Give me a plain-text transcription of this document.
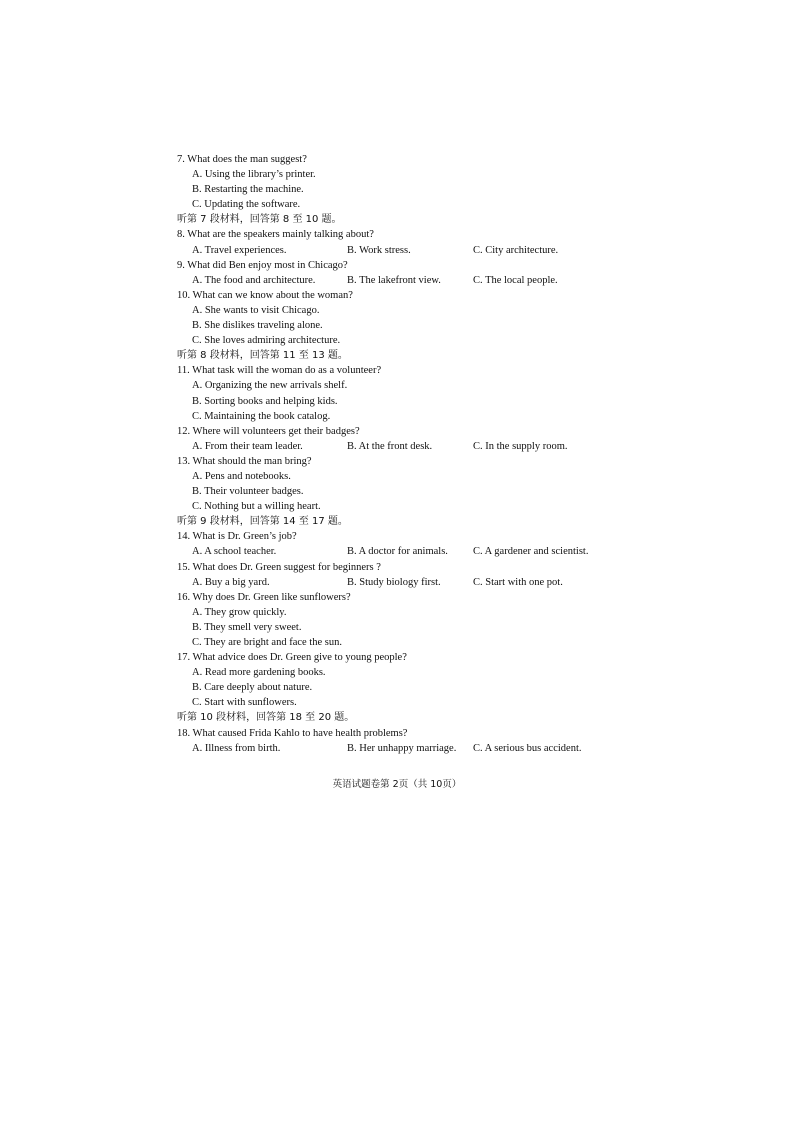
7. What does the man suggest?
A. Using the library’s printer.
B. Restarting the machine.
C. Updating the software.
听第 7 段材料，回答第 8 至 10 题。
8. What are the speakers mainly talking about?
A. Travel experiences.	B. Work stress.	C. City architecture.
9. What did Ben enjoy most in Chicago?
A. The food and architecture.	B. The lakefront view.	C. The local people.
10. What can we know about the woman?
A. She wants to visit Chicago.
B. She dislikes traveling alone.
C. She loves admiring architecture.
听第 8 段材料，回答第 11 至 13 题。
11. What task will the woman do as a volunteer?
A. Organizing the new arrivals shelf.
B. Sorting books and helping kids.
C. Maintaining the book catalog.
12. Where will volunteers get their badges?
A. From their team leader.	B. At the front desk.	C. In the supply room.
13. What should the man bring?
A. Pens and notebooks.
B. Their volunteer badges.
C. Nothing but a willing heart.
听第 9 段材料，回答第 14 至 17 题。
14. What is Dr. Green’s job?
A. A school teacher.	B. A doctor for animals. C. A gardener and scientist.
15. What does Dr. Green suggest for beginners ?
A. Buy a big yard.	B. Study biology first.	C. Start with one pot.
16. Why does Dr. Green like sunflowers?
A. They grow quickly.
B. They smell very sweet.
C. They are bright and face the sun.
17. What advice does Dr. Green give to young people?
A. Read more gardening books.
B. Care deeply about nature.
C. Start with sunflowers.
听第 10 段材料，回答第 18 至 20 题。
18. What caused Frida Kahlo to have health problems?
A. Illness from birth.	B. Her unhappy marriage. C. A serious bus accident.
英语试题卷第 2页（共 10页）
